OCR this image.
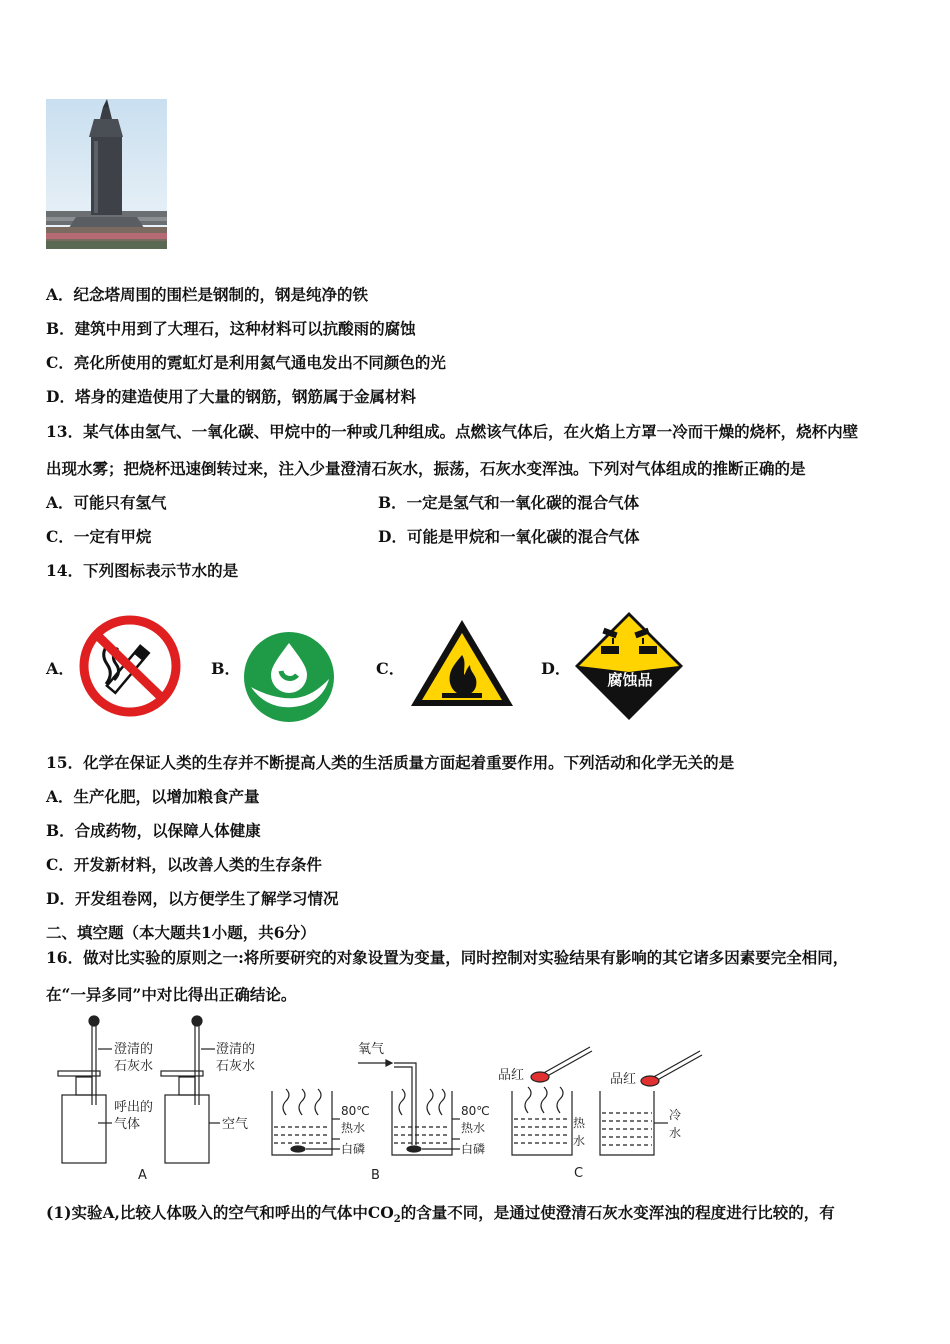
A．纪念塔周围的围栏是钢制的，钢是纯净的铁
B．建筑中用到了大理石，这种材料可以抗酸雨的腐蚀
C．亮化所使用的霓虹灯是利用氦气通电发出不同颜色的光
D．塔身的建造使用了大量的钢筋，钢筋属于金属材料
13．某气体由氢气、一氧化碳、甲烷中的一种或几种组成。点燃该气体后，在火焰上方罩一冷而干燥的烧杯，烧杯内壁
出现水雾；把烧杯迅速倒转过来，注入少量澄清石灰水，振荡，石灰水变浑浊。下列对气体组成的推断正确的是
A．可能只有氢气	B．一定是氢气和一氧化碳的混合气体
C．一定有甲烷	D．可能是甲烷和一氧化碳的混合气体
14．下列图标表示节水的是
A．	B．	C．	D．
腐蚀品
15．化学在保证人类的生存并不断提高人类的生活质量方面起着重要作用。下列活动和化学无关的是
A．生产化肥，以增加粮食产量
B．合成药物，以保障人体健康
C．开发新材料，以改善人类的生存条件
D．开发组卷网，以方便学生了解学习情况
二、填空题（本大题共1小题，共6分）
16．做对比实验的原则之一:将所要研究的对象设置为变量，同时控制对实验结果有影响的其它诸多因素要完全相同，
在“一异多同”中对比得出正确结论。
澄清的
石灰水
呼出的
气体
澄清的
石灰水
空气
A
80℃
热水
白磷
氧气
80℃
热水
白磷
B
品红
热
水
品红
冷
水
C
(1)实验A,比较人体吸入的空气和呼出的气体中$CO_2$的含量不同，是通过使澄清石灰水变浑浊的程度进行比较的，有
